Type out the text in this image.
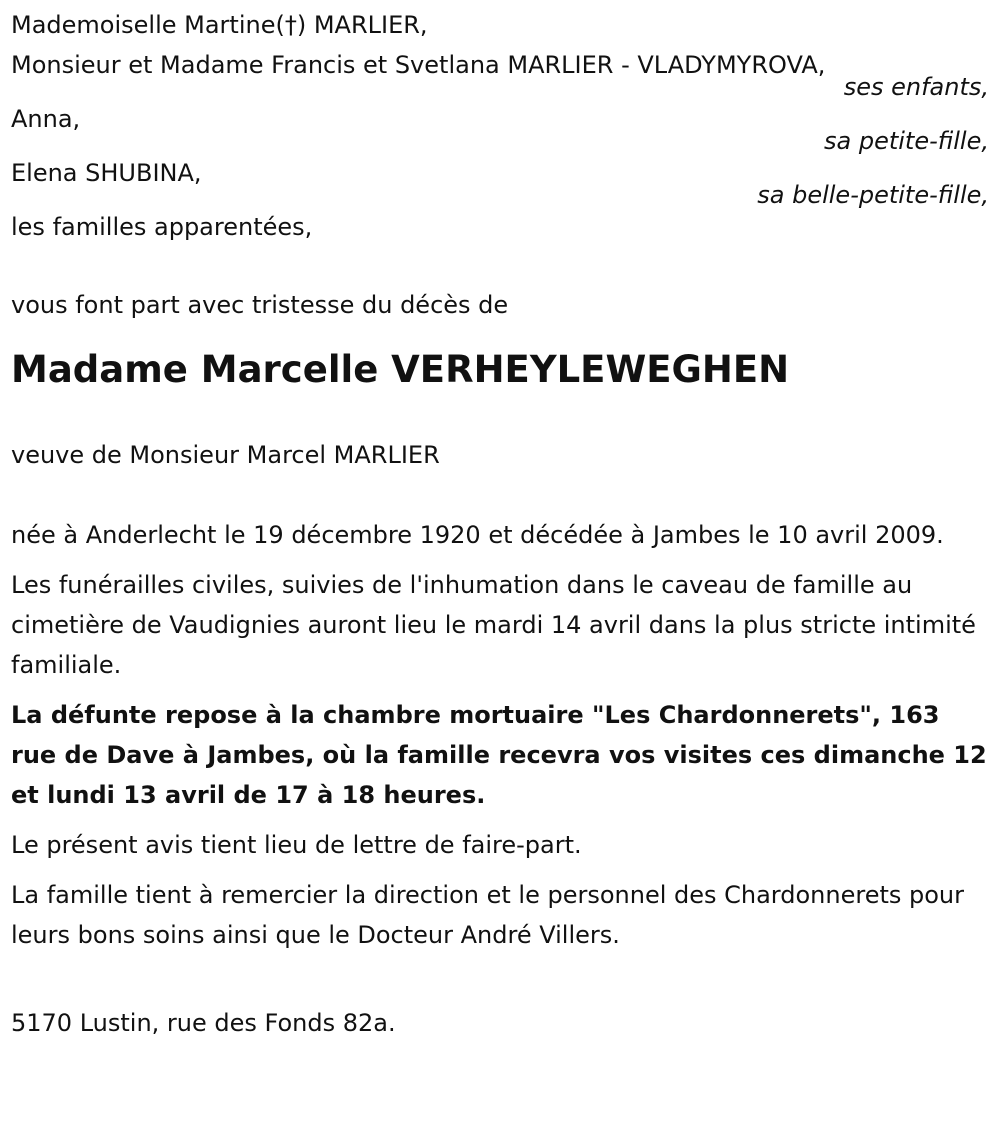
Mademoiselle Martine(†) MARLIER,

Monsieur et Madame Francis et Svetlana MARLIER - VLADYMYROVA,

ses enfants,

Anna,

sa petite-fille,

Elena SHUBINA,

sa belle-petite-fille,

les familles apparentées,

vous font part avec tristesse du décès de

Madame Marcelle VERHEYLEWEGHEN

veuve de Monsieur Marcel MARLIER

née à Anderlecht le 19 décembre 1920 et décédée à Jambes le 10 avril 2009.

Les funérailles civiles, suivies de l'inhumation dans le caveau de famille au cimetière de Vaudignies auront lieu le mardi 14 avril dans la plus stricte intimité familiale.

La défunte repose à la chambre mortuaire "Les Chardonnerets", 163 rue de Dave à Jambes, où la famille recevra vos visites ces dimanche 12 et lundi 13 avril de 17 à 18 heures.

Le présent avis tient lieu de lettre de faire-part.

La famille tient à remercier la direction et le personnel des Chardonnerets pour leurs bons soins ainsi que le Docteur André Villers.

5170 Lustin, rue des Fonds 82a.
